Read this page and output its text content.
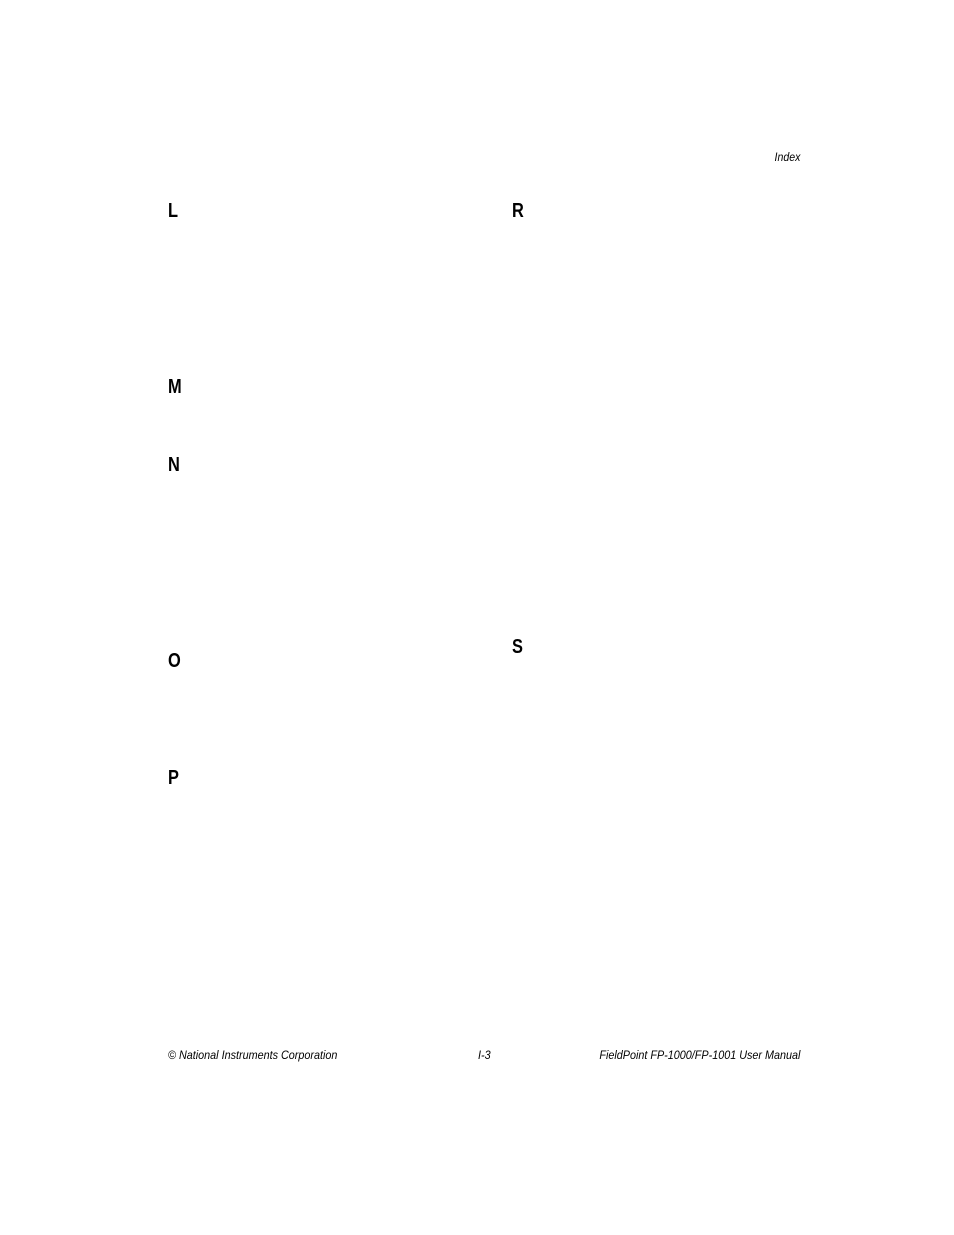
Index
L
M
N
O
P
R
S
© National Instruments Corporation	I-3	FieldPoint FP-1000/FP-1001 User Manual
